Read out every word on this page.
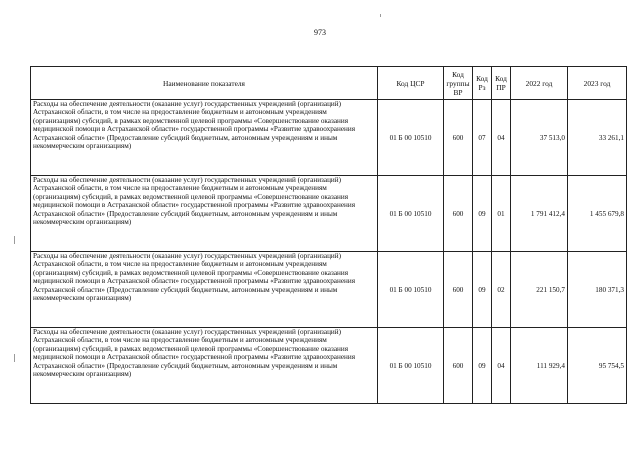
973
Наименование показателя	Код ЦСР	Код группы ВР	Код Рз	Код ПР	2022 год	2023 год
Расходы на обеспечение деятельности (оказание услуг) государственных учреждений (организаций) Астраханской области, в том числе на предоставление бюджетным и автономным учреждениям (организациям) субсидий, в рамках ведомственной целевой программы «Совершенствование оказания медицинской помощи в Астраханской области» государственной программы «Развитие здравоохранения Астраханской области» (Предоставление субсидий бюджетным, автономным учреждениям и иным некоммерческим организациям)	01 Б 00 10510	600	07	04	37 513,0	33 261,1
Расходы на обеспечение деятельности (оказание услуг) государственных учреждений (организаций) Астраханской области, в том числе на предоставление бюджетным и автономным учреждениям (организациям) субсидий, в рамках ведомственной целевой программы «Совершенствование оказания медицинской помощи в Астраханской области» государственной программы «Развитие здравоохранения Астраханской области» (Предоставление субсидий бюджетным, автономным учреждениям и иным некоммерческим организациям)	01 Б 00 10510	600	09	01	1 791 412,4	1 455 679,8
Расходы на обеспечение деятельности (оказание услуг) государственных учреждений (организаций) Астраханской области, в том числе на предоставление бюджетным и автономным учреждениям (организациям) субсидий, в рамках ведомственной целевой программы «Совершенствование оказания медицинской помощи в Астраханской области» государственной программы «Развитие здравоохранения Астраханской области» (Предоставление субсидий бюджетным, автономным учреждениям и иным некоммерческим организациям)	01 Б 00 10510	600	09	02	221 150,7	180 371,3
Расходы на обеспечение деятельности (оказание услуг) государственных учреждений (организаций) Астраханской области, в том числе на предоставление бюджетным и автономным учреждениям (организациям) субсидий, в рамках ведомственной целевой программы «Совершенствование оказания медицинской помощи в Астраханской области» государственной программы «Развитие здравоохранения Астраханской области» (Предоставление субсидий бюджетным, автономным учреждениям и иным некоммерческим организациям)	01 Б 00 10510	600	09	04	111 929,4	95 754,5
